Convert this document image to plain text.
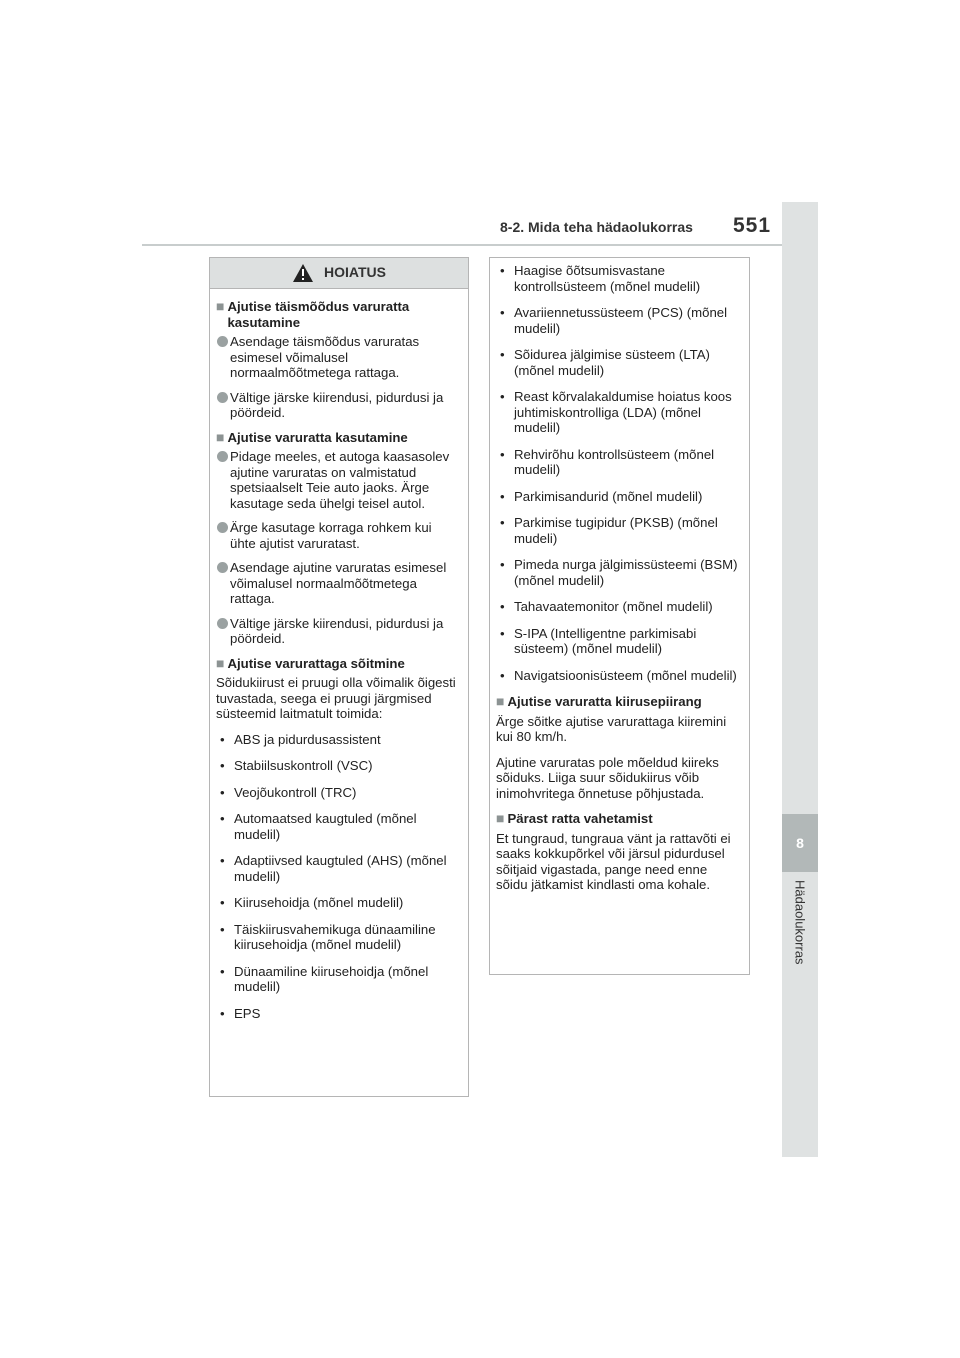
8
Hädaolukorras
8-2. Mida teha hädaolukorras 551
HOIATUS
■ Ajutise täismõõdus varuratta kasutamine
Asendage täismõõdus varuratas esimesel võimalusel normaalmõõtmetega rattaga.
Vältige järske kiirendusi, pidurdusi ja pöördeid.
■ Ajutise varuratta kasutamine
Pidage meeles, et autoga kaasasolev ajutine varuratas on valmistatud spetsiaalselt Teie auto jaoks. Ärge kasutage seda ühelgi teisel autol.
Ärge kasutage korraga rohkem kui ühte ajutist varuratast.
Asendage ajutine varuratas esimesel võimalusel normaalmõõtmetega rattaga.
Vältige järske kiirendusi, pidurdusi ja pöördeid.
■ Ajutise varurattaga sõitmine
Sõidukiirust ei pruugi olla võimalik õigesti tuvastada, seega ei pruugi järgmised süsteemid laitmatult toimida:
• ABS ja pidurdusassistent
• Stabiilsuskontroll (VSC)
• Veojõukontroll (TRC)
• Automaatsed kaugtuled (mõnel mudelil)
• Adaptiivsed kaugtuled (AHS) (mõnel mudelil)
• Kiirusehoidja (mõnel mudelil)
• Täiskiirusvahemikuga dünaamiline kiirusehoidja (mõnel mudelil)
• Dünaamiline kiirusehoidja (mõnel mudelil)
• EPS
• Haagise õõtsumisvastane kontrollsüsteem (mõnel mudelil)
• Avariiennetussüsteem (PCS) (mõnel mudelil)
• Sõidurea jälgimise süsteem (LTA) (mõnel mudelil)
• Reast kõrvalakaldumise hoiatus koos juhtimiskontrolliga (LDA) (mõnel mudelil)
• Rehvirõhu kontrollsüsteem (mõnel mudelil)
• Parkimisandurid (mõnel mudelil)
• Parkimise tugipidur (PKSB) (mõnel mudeli)
• Pimeda nurga jälgimissüsteemi (BSM) (mõnel mudelil)
• Tahavaatemonitor (mõnel mudelil)
• S-IPA (Intelligentne parkimisabi süsteem) (mõnel mudelil)
• Navigatsioonisüsteem (mõnel mudelil)
■ Ajutise varuratta kiirusepiirang
Ärge sõitke ajutise varurattaga kiiremini kui 80 km/h.
Ajutine varuratas pole mõeldud kiireks sõiduks. Liiga suur sõidukiirus võib inimohvritega õnnetuse põhjustada.
■ Pärast ratta vahetamist
Et tungraud, tungraua vänt ja rattavõti ei saaks kokkupõrkel või järsul pidurdusel sõitjaid vigastada, pange need enne sõidu jätkamist kindlasti oma kohale.
